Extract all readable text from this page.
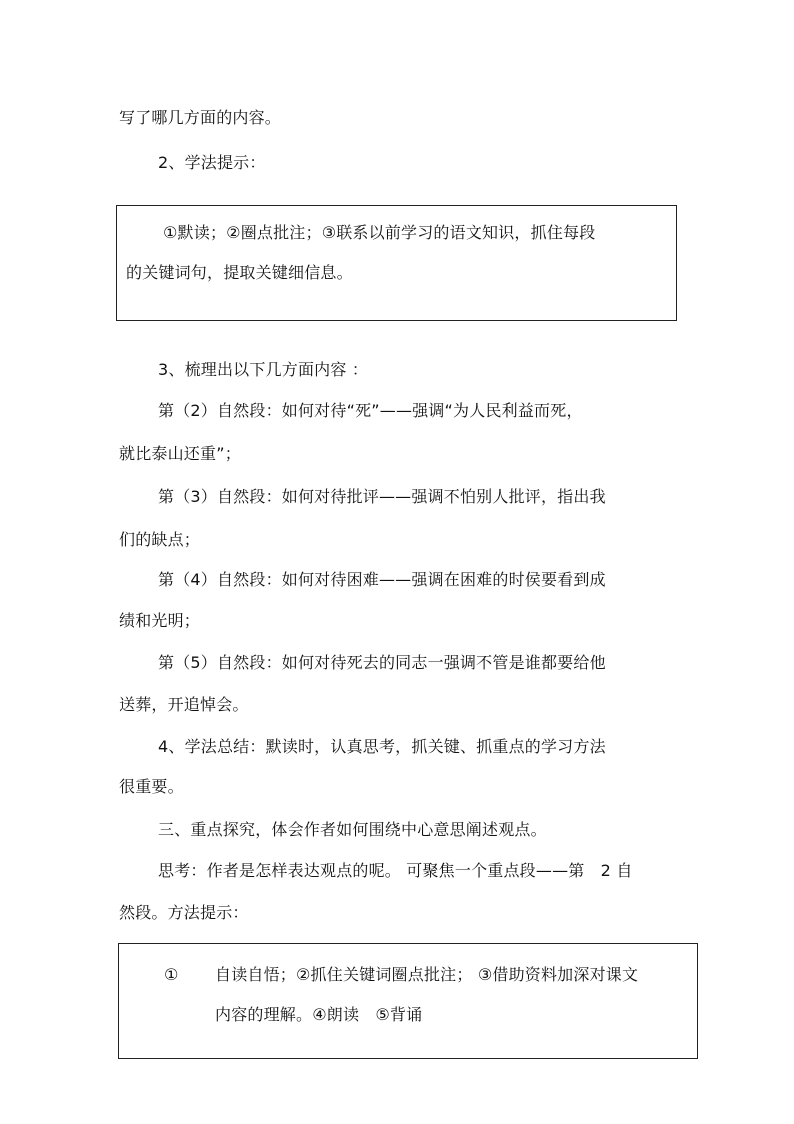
写了哪几方面的内容。
2、学法提示：
①默读；②圈点批注；③联系以前学习的语文知识，抓住每段
的关键词句，提取关键细信息。
3、梳理出以下几方面内容 ：
第（2）自然段：如何对待“死”——强调“为人民利益而死，
就比泰山还重”；
第（3）自然段：如何对待批评——强调不怕别人批评，指出我
们的缺点；
第（4）自然段：如何对待困难——强调在困难的时侯要看到成
绩和光明；
第（5）自然段：如何对待死去的同志一强调不管是谁都要给他
送葬，开追悼会。
4、学法总结：默读时，认真思考，抓关键、抓重点的学习方法
很重要。
三、重点探究，体会作者如何围绕中心意思阐述观点。
思考：作者是怎样表达观点的呢。 可聚焦一个重点段——第　2 自
然段。方法提示：
① 自读自悟；②抓住关键词圈点批注； ③借助资料加深对课文
内容的理解。④朗读　⑤背诵
